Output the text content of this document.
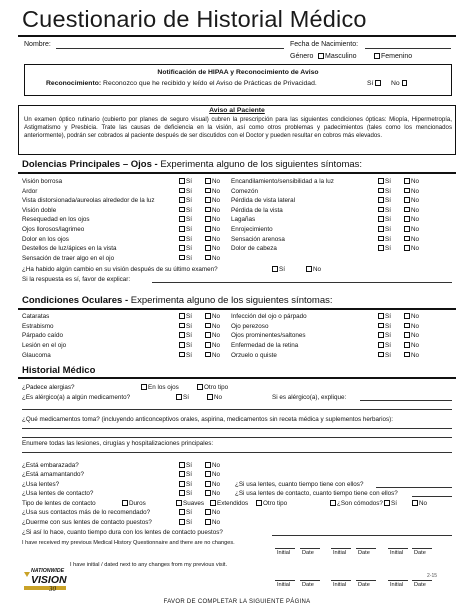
Cuestionario de Historial Médico
Nombre:	Fecha de Nacimiento:
Género	Masculino	Femenino
Notificación de HIPAA y Reconocimiento de Aviso
Reconocimiento: Reconozco que he recibido y leído el Aviso de Prácticas de Privacidad.	Sí	No
Aviso al Paciente
Un examen óptico rutinario (cubierto por planes de seguro visual) cubren la prescripción para las siguientes condiciones ópticas: Miopía, Hipermetropía, Astigmatismo y Presbicia. Trate las causas de deficiencia en la visión, así como otros problemas y padecimientos (tales como los mencionados anteriormente), podrán ser cobrados al paciente después de ser discutidos con el Doctor y pueden resultar en cobros más elevados.
Dolencias Principales – Ojos - Experimenta alguno de los siguientes síntomas:
Visión borrosa	Sí	No
Ardor	Sí	No
Vista distorsionada/aureolas alrededor de la luz	Sí	No
Visión doble	Sí	No
Resequedad en los ojos	Sí	No
Ojos llorosos/lagrimeo	Sí	No
Dolor en los ojos	Sí	No
Destellos de luz/ápices en la vista	Sí	No
Sensación de traer algo en el ojo	Sí	No
Encandilamiento/sensibilidad a la luz	Sí	No
Comezón	Sí	No
Pérdida de vista lateral	Sí	No
Pérdida de la vista	Sí	No
Lagañas	Sí	No
Enrojecimiento	Sí	No
Sensación arenosa	Sí	No
Dolor de cabeza	Sí	No
¿Ha habido algún cambio en su visión después de su último examen?	Sí	No
Si la respuesta es sí, favor de explicar:
Condiciones Oculares - Experimenta alguno de los siguientes síntomas:
Cataratas	Sí	No
Estrabismo	Sí	No
Párpado caído	Sí	No
Lesión en el ojo	Sí	No
Glaucoma	Sí	No
Infección del ojo o párpado	Sí	No
Ojo perezoso	Sí	No
Ojos prominentes/saltones	Sí	No
Enfermedad de la retina	Sí	No
Orzuelo o quiste	Sí	No
Historial Médico
¿Padece alergias?	En los ojos	Otro tipo
¿Es alérgico(a) a algún medicamento?	Sí	No	Si es alérgico(a), explique:
¿Qué medicamentos toma? (incluyendo anticonceptivos orales, aspirina, medicamentos sin receta médica y suplementos herbarios):
Enumere todas las lesiones, cirugías y hospitalizaciones principales:
¿Está embarazada?	Sí	No
¿Está amamantando?	Sí	No
¿Usa lentes?	Sí	No
¿Usa lentes de contacto?	Sí	No
¿Usa sus contactos más de lo recomendado?	Sí	No
¿Duerme con sus lentes de contacto puestos?	Sí	No
¿Si usa lentes, cuanto tiempo tiene con ellos?
¿Si usa lentes de contacto, cuanto tiempo tiene con ellos?
Tipo de lentes de contacto	Duros	Suaves	Extendidos	Otro tipo	¿Son cómodos?	Sí	No
¿Si así lo hace, cuanto tiempo dura con los lentes de contacto puestos?
I have received my previous Medical History Questionnaire and there are no changes.
Initial Date	Initial Date	Initial Date
I have initial / dated next to any changes from my previous visit.
Initial Date	Initial Date	Initial Date
30
NATIONWIDE
VISION	2-15
FAVOR DE COMPLETAR LA SIGUIENTE PÁGINA
